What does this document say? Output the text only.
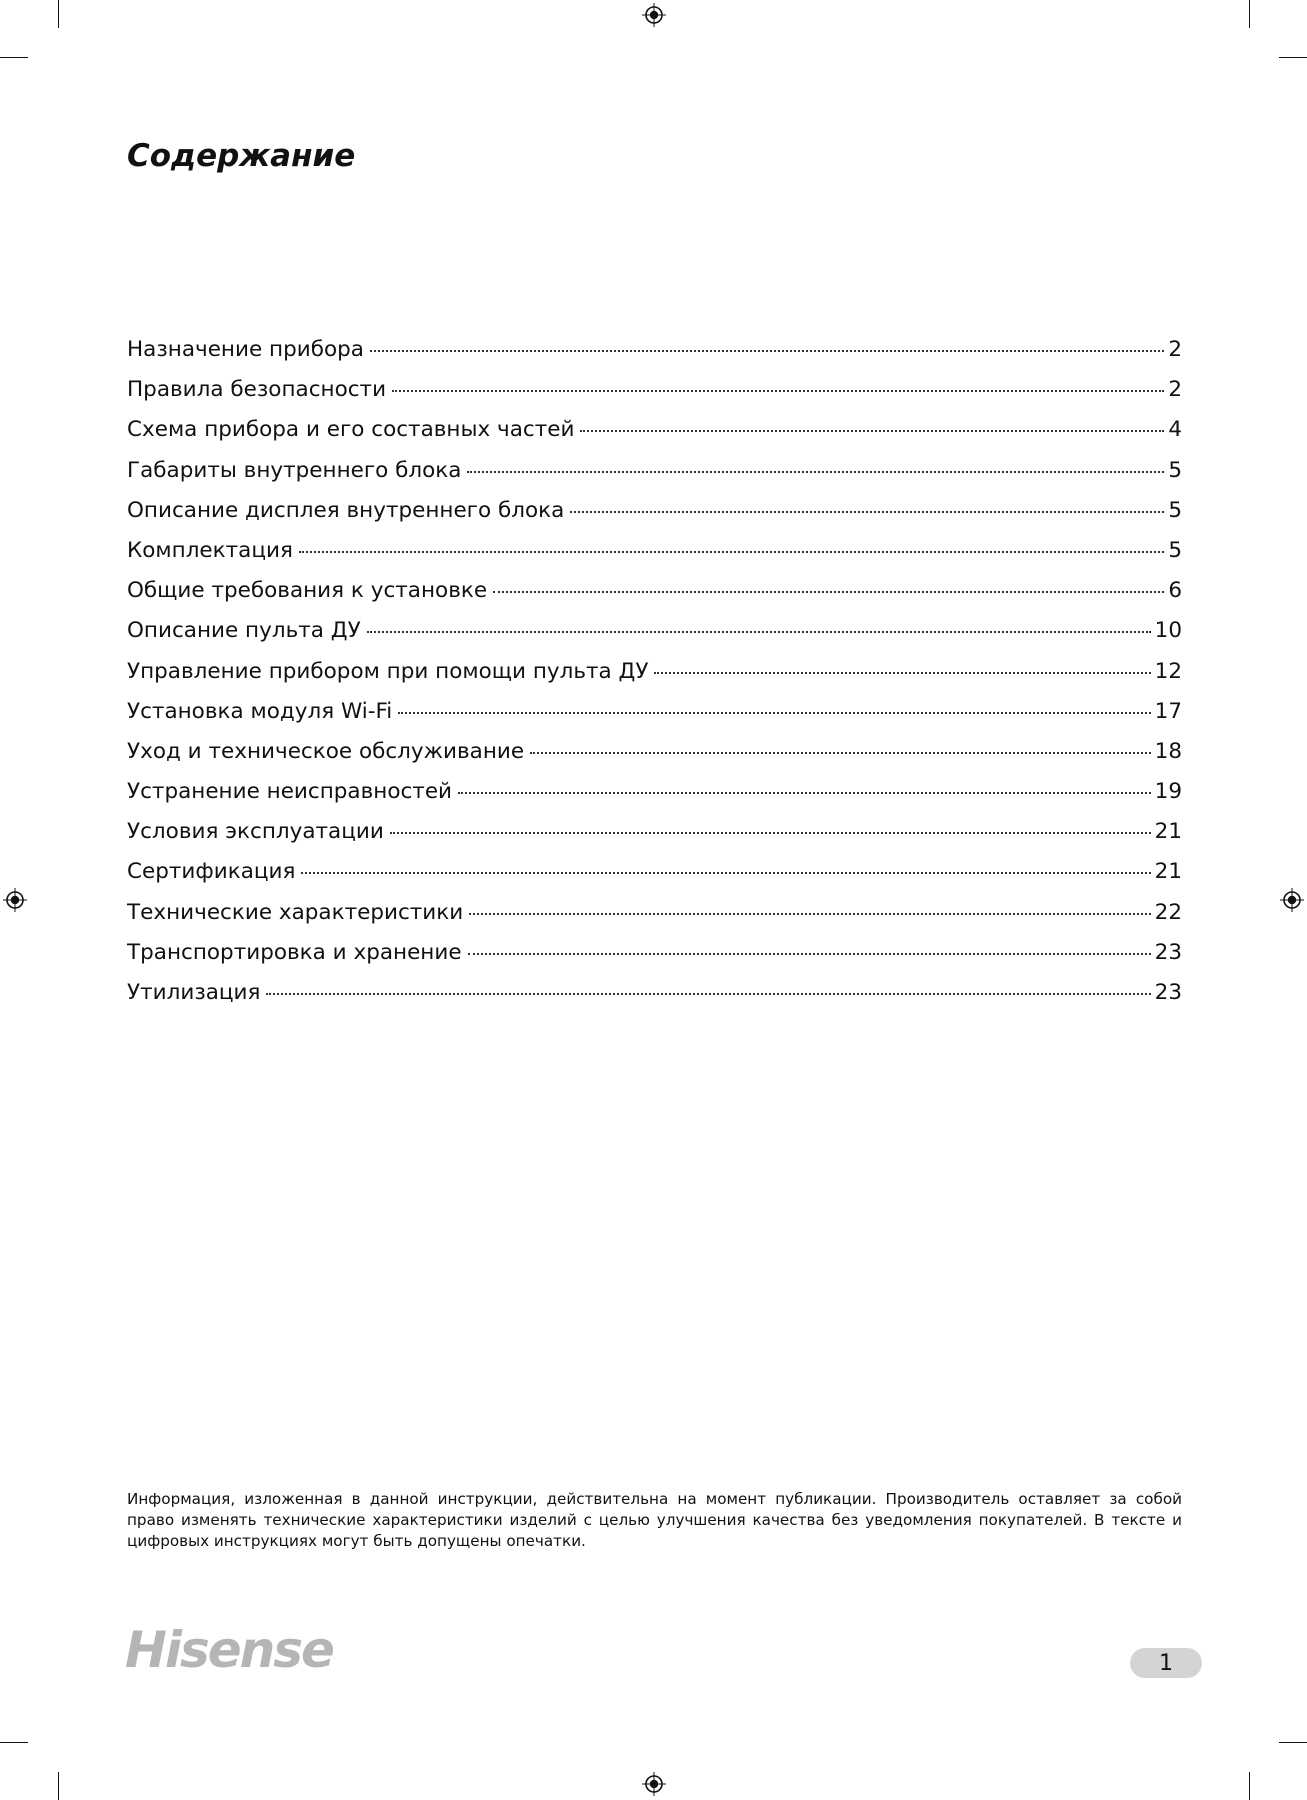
Содержание
Назначение прибора	2
Правила безопасности	2
Схема прибора и его составных частей	4
Габариты внутреннего блока	5
Описание дисплея внутреннего блока	5
Комплектация	5
Общие требования к установке	6
Описание пульта ДУ	10
Управление прибором при помощи пульта ДУ	12
Установка модуля Wi-Fi	17
Уход и техническое обслуживание	18
Устранение неисправностей	19
Условия эксплуатации	21
Сертификация	21
Технические характеристики	22
Транспортировка и хранение	23
Утилизация	23

Информация, изложенная в данной инструкции, действительна на момент публикации. Производитель оставляет за собой право изменять технические характеристики изделий с целью улучшения качества без уведомления покупателей. В тексте и цифровых инструкциях могут быть допущены опечатки.

Hisense	1
